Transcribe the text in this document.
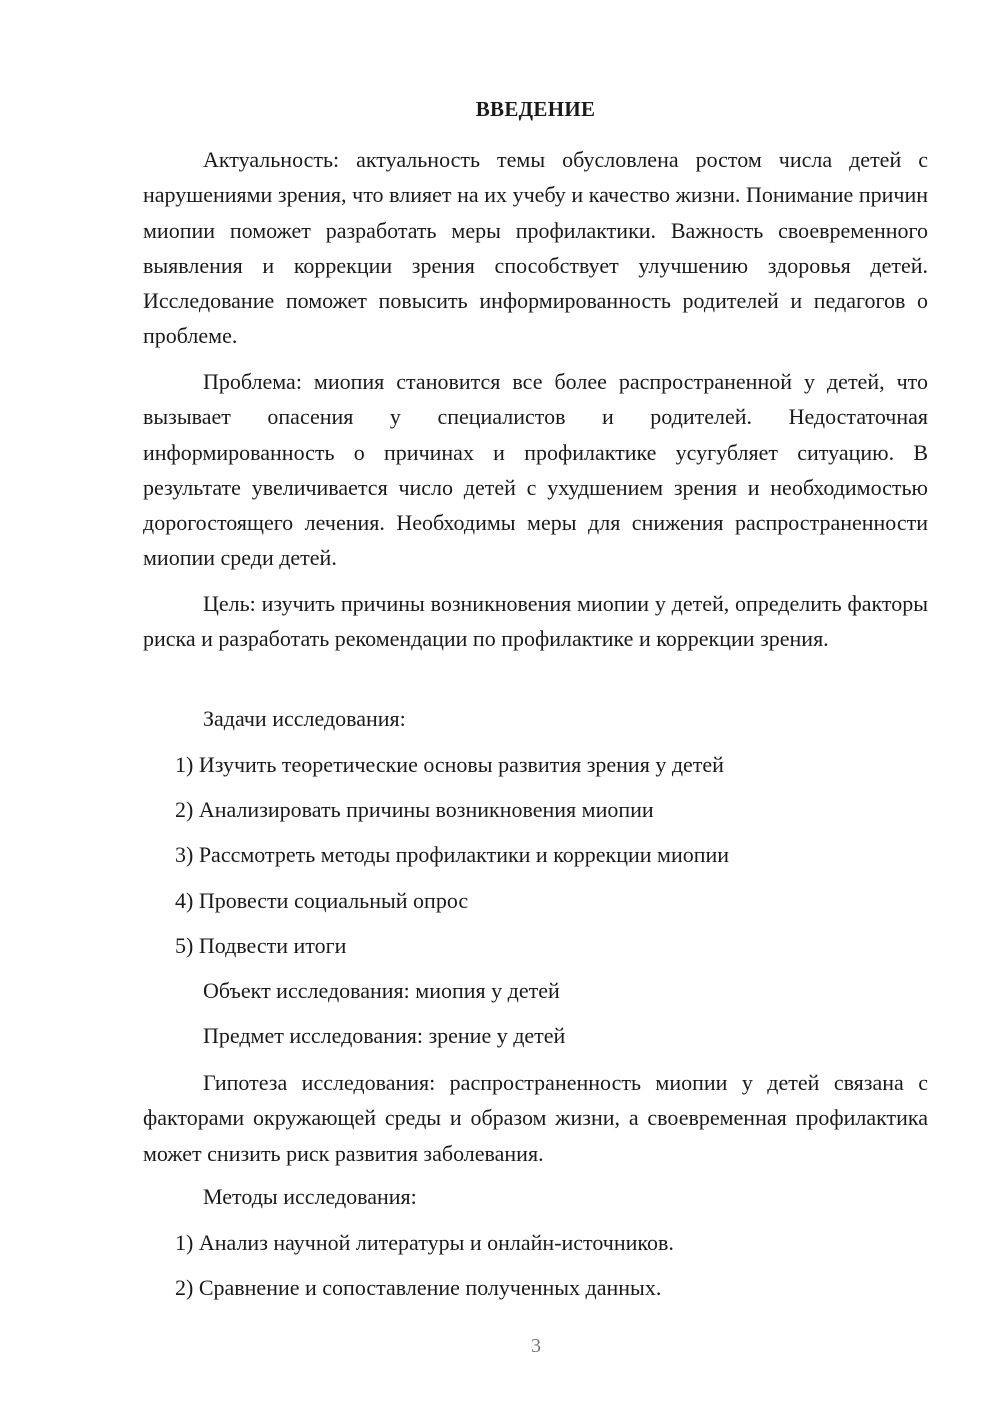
ВВЕДЕНИЕ

Актуальность: актуальность темы обусловлена ростом числа детей с нарушениями зрения, что влияет на их учебу и качество жизни. Понимание причин миопии поможет разработать меры профилактики. Важность своевременного выявления и коррекции зрения способствует улучшению здоровья детей. Исследование поможет повысить информированность родителей и педагогов о проблеме.

Проблема: миопия становится все более распространенной у детей, что вызывает опасения у специалистов и родителей. Недостаточная информированность о причинах и профилактике усугубляет ситуацию. В результате увеличивается число детей с ухудшением зрения и необходимостью дорогостоящего лечения. Необходимы меры для снижения распространенности миопии среди детей.

Цель: изучить причины возникновения миопии у детей, определить факторы риска и разработать рекомендации по профилактике и коррекции зрения.

Задачи исследования:

1) Изучить теоретические основы развития зрения у детей

2) Анализировать причины возникновения миопии

3) Рассмотреть методы профилактики и коррекции миопии

4) Провести социальный опрос

5) Подвести итоги

Объект исследования: миопия у детей

Предмет исследования: зрение у детей

Гипотеза исследования: распространенность миопии у детей связана с факторами окружающей среды и образом жизни, а своевременная профилактика может снизить риск развития заболевания.

Методы исследования:

1) Анализ научной литературы и онлайн-источников.

2) Сравнение и сопоставление полученных данных.

3
